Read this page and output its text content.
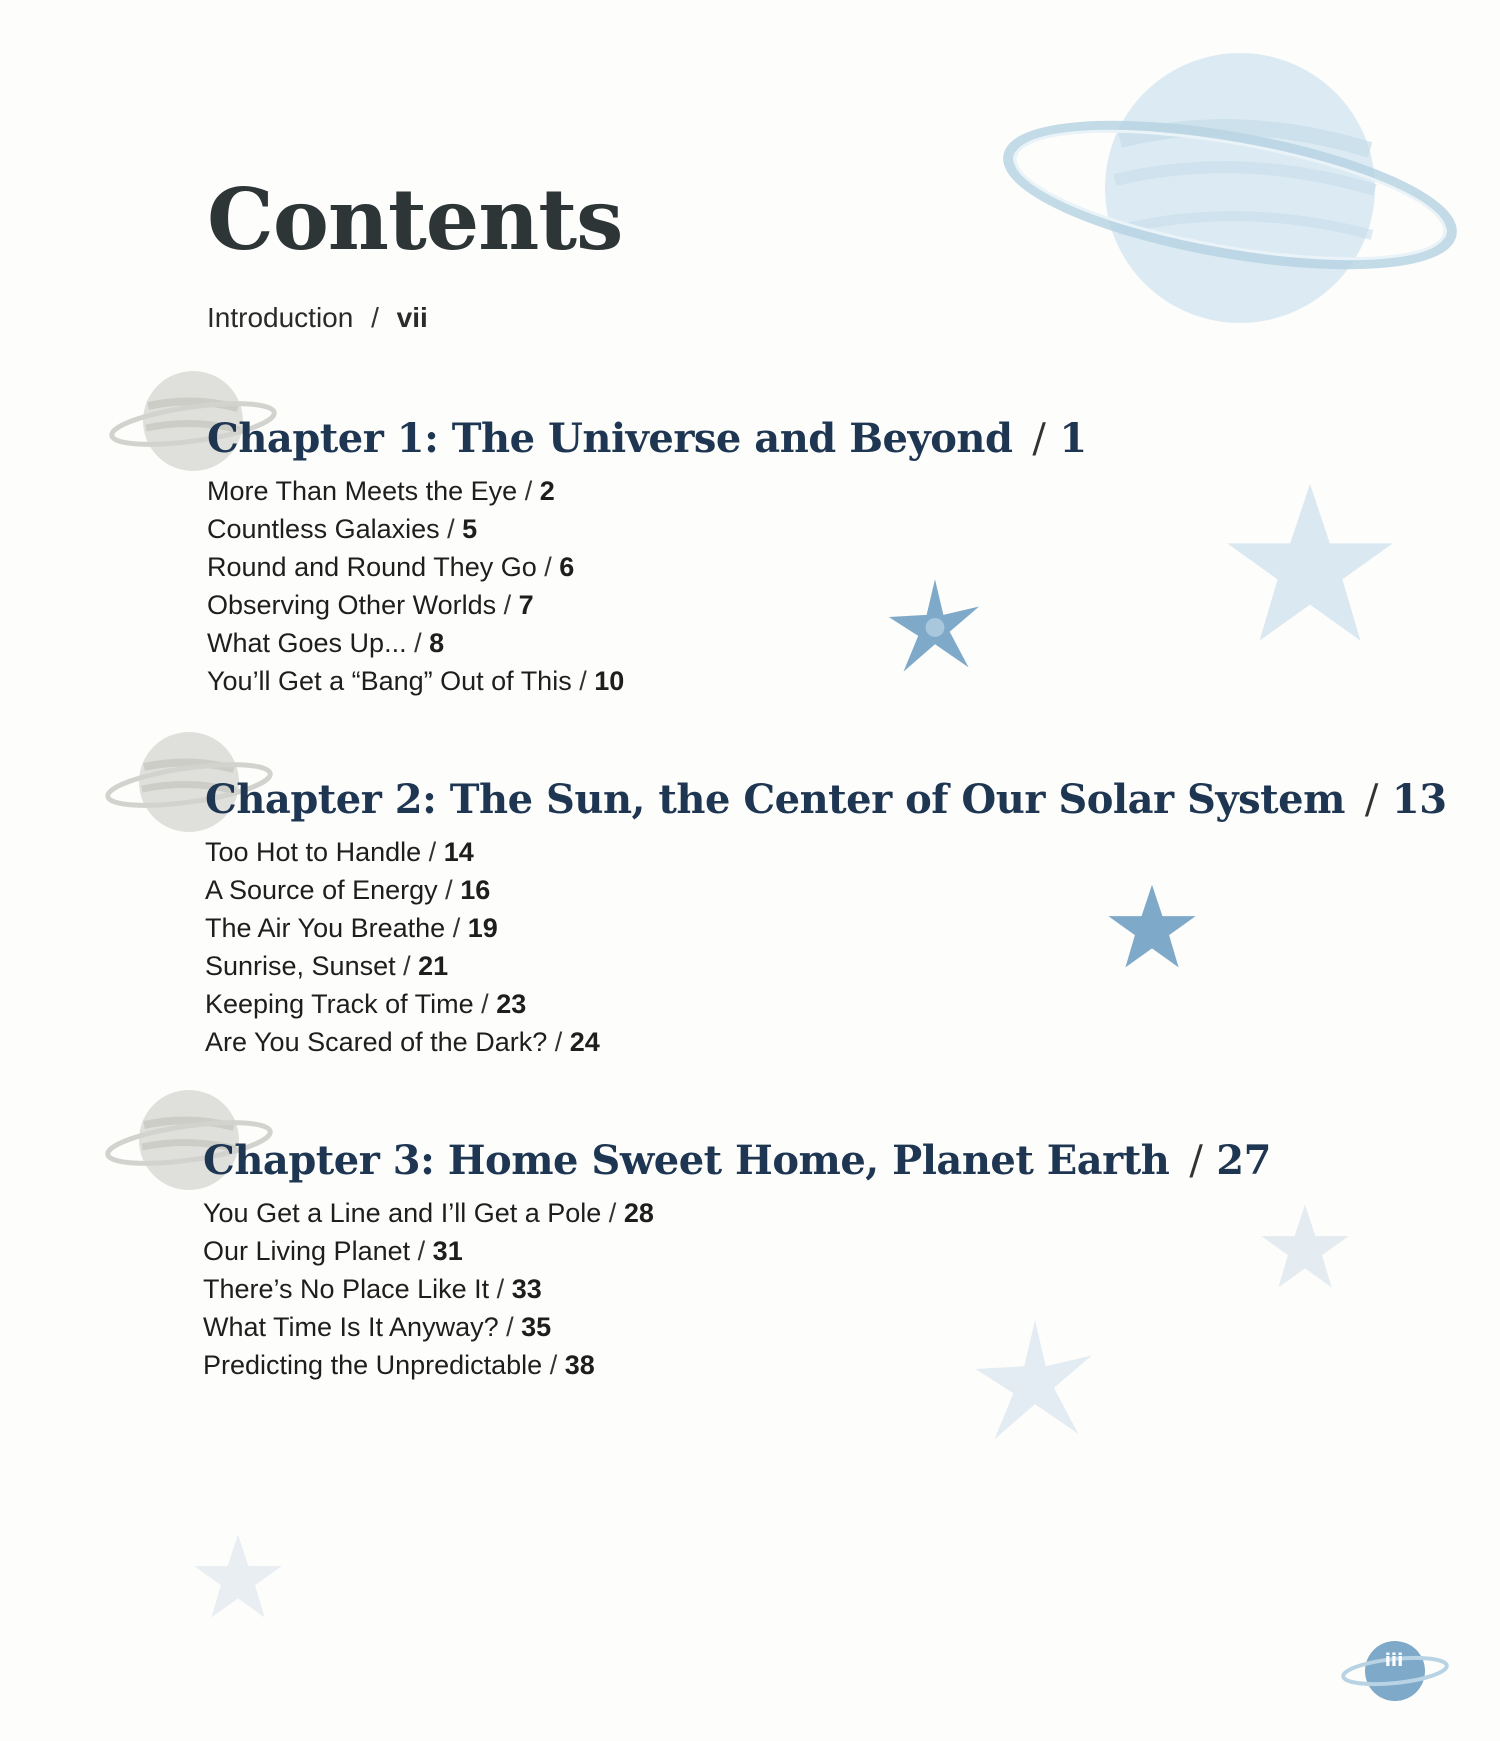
Contents
Introduction / vii
Chapter 1: The Universe and Beyond / 1
More Than Meets the Eye / 2
Countless Galaxies / 5
Round and Round They Go / 6
Observing Other Worlds / 7
What Goes Up... / 8
You’ll Get a “Bang” Out of This / 10
Chapter 2: The Sun, the Center of Our Solar System / 13
Too Hot to Handle / 14
A Source of Energy / 16
The Air You Breathe / 19
Sunrise, Sunset / 21
Keeping Track of Time / 23
Are You Scared of the Dark? / 24
Chapter 3: Home Sweet Home, Planet Earth / 27
You Get a Line and I’ll Get a Pole / 28
Our Living Planet / 31
There’s No Place Like It / 33
What Time Is It Anyway? / 35
Predicting the Unpredictable / 38
iii
